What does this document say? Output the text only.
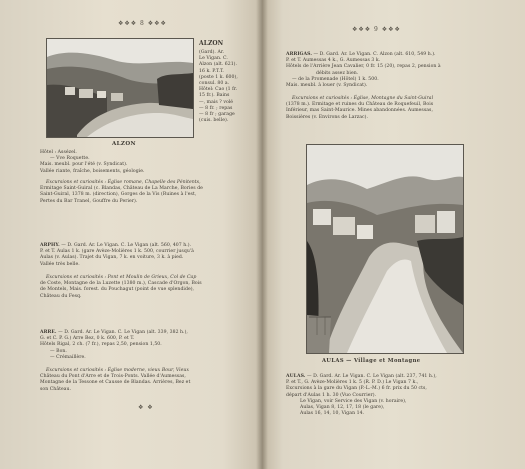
❖❖❖ 8 ❖❖❖
ALZON
ALZON
(Gard). Ar.
Le Vigan. C.
Alzon (alt. 621).
16 k. P.T.T.
(poste 1 k. 600),
consul. 80 a.
Hôtel: Cao (1 fr.
15 fr.). Bains
—, mais ? volé
— 8 fr. ; repas
— 8 fr ; garage
(cuis. belle).
Hôtel : Assézel.
— Vve Roquette.
Mais. meubl. pour l'été (v. Syndicat).
Vallée riante, fraîche, boisements, géologie.
Excursions et curiosités : Église romane, Chapelle des Pénitents,
Ermitage Saint-Guiral (c. Blandas, Château de La Marche, Bories de
Saint-Guiral, 1378 m. (direction), Gorges de la Vis (Ruines à l'est,
Pertes du Bar Tranel, Gouffre du Perier).
ARPHY. — D. Gard. Ar. Le Vigan. C. Le Vigan (alt. 560, 407 h.).
P. et T. Aulas 1 k. (gare Avèze-Molières 1 k. 500, courrier jusqu'à
Aulas (v. Aulas). Trajet du Vigan, 7 k. en voiture, 3 k. à pied.
Vallée très belle.
Excursions et curiosités : Pont et Moulin de Grieux, Col de Cap
de Coste, Montagne de la Luzette (1380 m.), Cascade d'Orgon, Bois
de Montels, Mais. forest. du Pouchagut (point de vue splendide),
Château du Fesq.
ARRE. — D. Gard. Ar. Le Vigan. C. Le Vigan (alt. 339, 382 h.),
G. et C. P. G.) Arre Bez, 0 k. 600, P. et T.
Hôtels Rigal, 2 ch. (7 fr.), repas 2,50, pension 1,50.
— Bon.
— Crémaillère.
Excursions et curiosités : Église moderne, vieux Bour, Vieux
Château du Pont d'Arre et de Trois-Ponts. Vallée d'Aumessas,
Montagne de la Tessone et Causse de Blandas. Arrières, Bez et
son Château.
❖ ❖
❖❖❖ 9 ❖❖❖
ARRIGAS. — D. Gard. Ar. Le Vigan. C. Alzon (alt. 610, 549 h.).
P. et T. Aumessas 4 k., G. Aumessas 3 k.
Hôtels de l'Arrière Jean Cavalier, 0 fr. 15 (20), repas 2, pension à
débits assez bien.
— de la Promenade (Hôtel) 1 k. 500.
Mais. meubl. à louer (v. Syndicat).
Excursions et curiosités : Église, Montagne du Saint-Guiral
(1378 m.). Ermitage et ruines du Château de Roquefeuil, Bois
Inférieur, mas Saint-Maurice. Mines abandonnées. Aumessas,
Boissières (v. Environs de Larzac).
AULAS — Village et Montagne
AULAS. — D. Gard. Ar. Le Vigan. C. Le Vigan (alt. 237, 741 h.),
P. et T., G. Avèze-Molières 1 k. 5 (R. P. D.) Le Vigan 7 k.,
Excursions à la gare du Vigan (P.-L.-M.) 6 fr. prix du 50 cts,
départ d'Aulas 1 h. 30 (Vuo Courrier).
Le Vigan, voir Service des Vigan (v. horaire),
Aulas, Vigan 8, 12, 17, 18 (le gare),
Aulas 16, 14, 10, Vigan 14.
